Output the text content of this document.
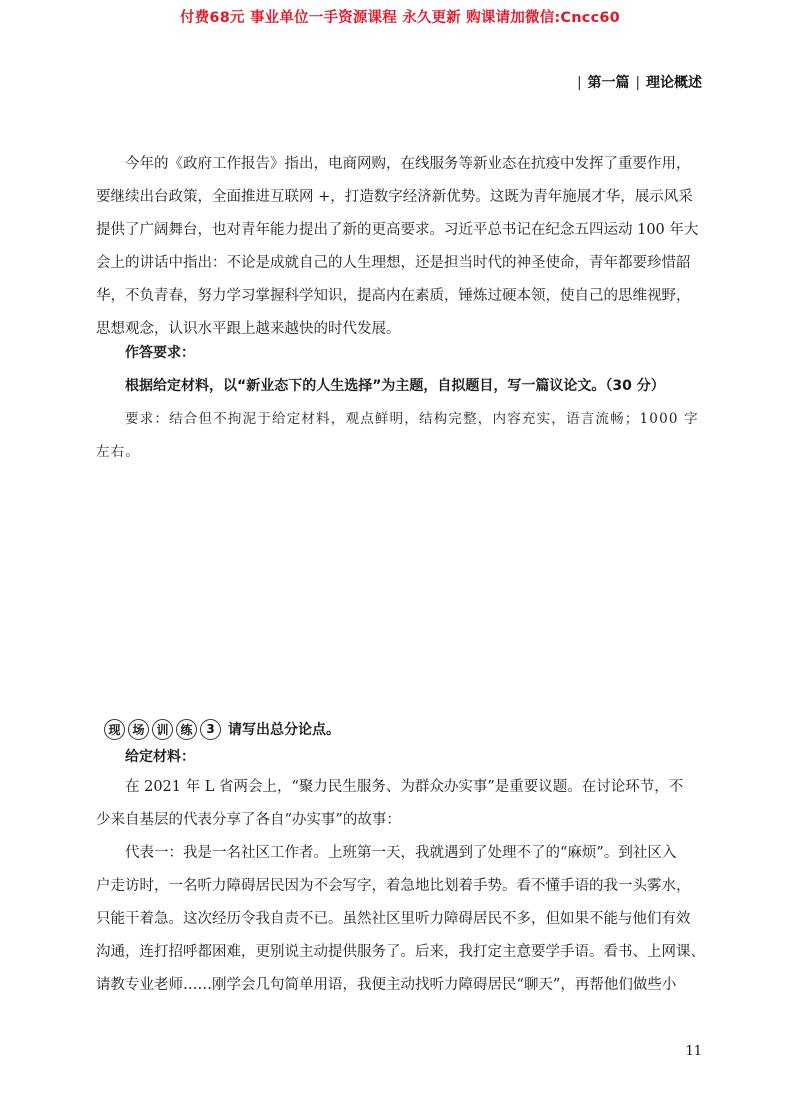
付费68元 事业单位一手资源课程 永久更新 购课请加微信:Cncc60
| 第一篇 | 理论概述

今年的《政府工作报告》指出，电商网购，在线服务等新业态在抗疫中发挥了重要作用，
要继续出台政策，全面推进互联网 +，打造数字经济新优势。这既为青年施展才华，展示风采
提供了广阔舞台，也对青年能力提出了新的更高要求。习近平总书记在纪念五四运动 100 年大
会上的讲话中指出：不论是成就自己的人生理想，还是担当时代的神圣使命，青年都要珍惜韶
华，不负青春，努力学习掌握科学知识，提高内在素质，锤炼过硬本领，使自己的思维视野，
思想观念，认识水平跟上越来越快的时代发展。

作答要求：

根据给定材料，以“新业态下的人生选择”为主题，自拟题目，写一篇议论文。（30 分）

要求：结合但不拘泥于给定材料，观点鲜明，结构完整，内容充实，语言流畅；1000 字
左右。

现 场 训 练	3 请写出总分论点。

给定材料：

在 2021 年 L 省两会上，“聚力民生服务、为群众办实事”是重要议题。在讨论环节，不
少来自基层的代表分享了各自“办实事”的故事：

代表一：我是一名社区工作者。上班第一天，我就遇到了处理不了的“麻烦”。到社区入
户走访时，一名听力障碍居民因为不会写字，着急地比划着手势。看不懂手语的我一头雾水，
只能干着急。这次经历令我自责不已。虽然社区里听力障碍居民不多，但如果不能与他们有效
沟通，连打招呼都困难，更别说主动提供服务了。后来，我打定主意要学手语。看书、上网课、
请教专业老师……刚学会几句简单用语，我便主动找听力障碍居民“聊天”，再帮他们做些小

11
